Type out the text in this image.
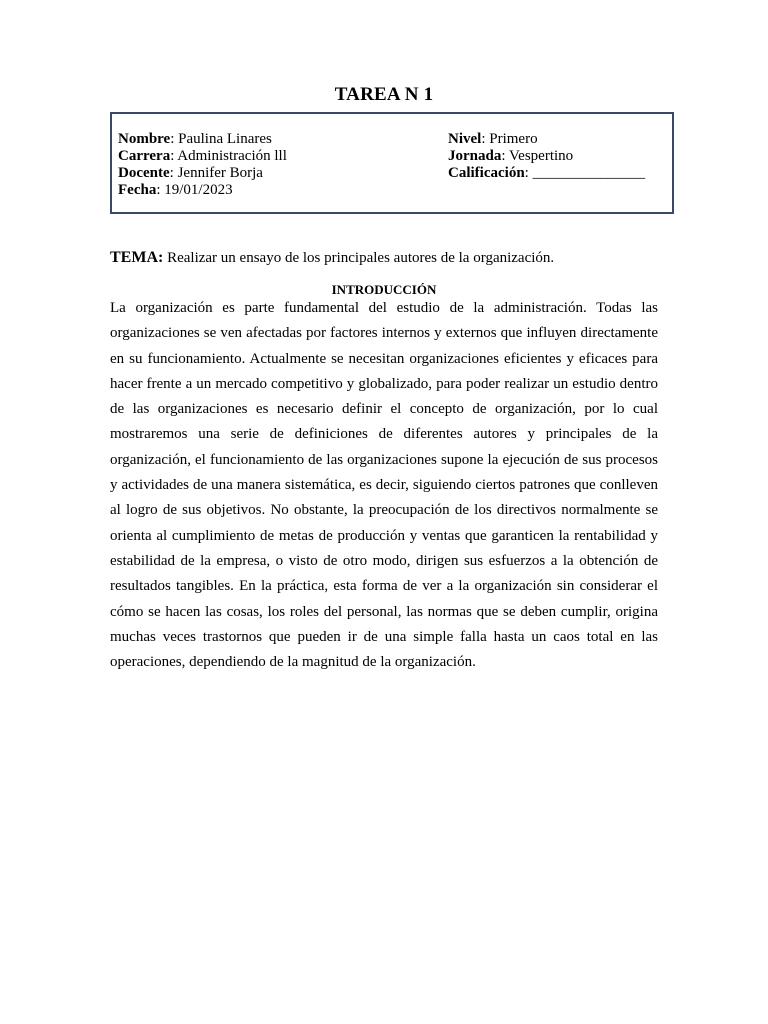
TAREA N 1
Nombre: Paulina Linares
Carrera: Administración lll
Docente: Jennifer Borja
Fecha: 19/01/2023
Nivel: Primero
Jornada: Vespertino
Calificación: _______________
TEMA: Realizar un ensayo de los principales autores de la organización.
INTRODUCCIÓN

La organización es parte fundamental del estudio de la administración. Todas las organizaciones se ven afectadas por factores internos y externos que influyen directamente en su funcionamiento. Actualmente se necesitan organizaciones eficientes y eficaces para hacer frente a un mercado competitivo y globalizado, para poder realizar un estudio dentro de las organizaciones es necesario definir el concepto de organización, por lo cual mostraremos una serie de definiciones de diferentes autores y principales de la organización, el funcionamiento de las organizaciones supone la ejecución de sus procesos y actividades de una manera sistemática, es decir, siguiendo ciertos patrones que conlleven al logro de sus objetivos. No obstante, la preocupación de los directivos normalmente se orienta al cumplimiento de metas de producción y ventas que garanticen la rentabilidad y estabilidad de la empresa, o visto de otro modo, dirigen sus esfuerzos a la obtención de resultados tangibles. En la práctica, esta forma de ver a la organización sin considerar el cómo se hacen las cosas, los roles del personal, las normas que se deben cumplir, origina muchas veces trastornos que pueden ir de una simple falla hasta un caos total en las operaciones, dependiendo de la magnitud de la organización.
